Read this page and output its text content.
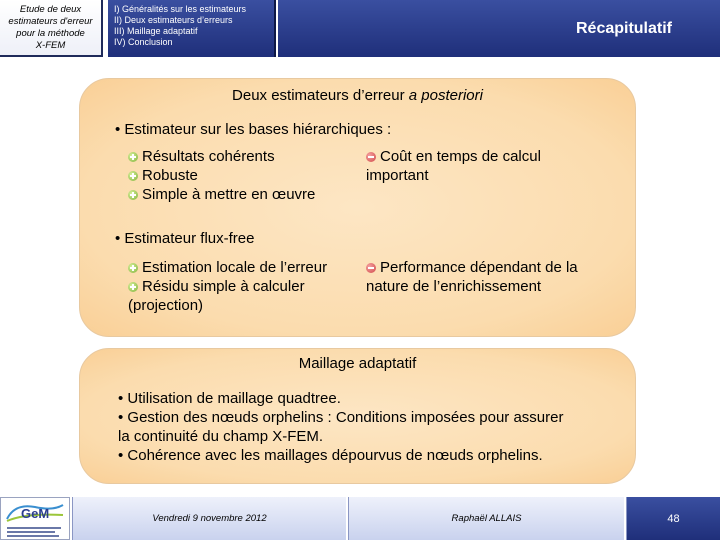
Etude de deux
estimateurs d'erreur
pour la méthode
X-FEM
I) Généralités sur les estimateurs
II) Deux estimateurs d’erreurs
III) Maillage adaptatif
IV) Conclusion
Récapitulatif
Deux estimateurs d’erreur a posteriori
• Estimateur sur les bases hiérarchiques :
Résultats cohérents
Robuste
Simple à mettre en œuvre
Coût en temps de calcul
important
• Estimateur flux-free
Estimation locale de l’erreur
Résidu simple à calculer
(projection)
Performance dépendant de la
nature de l’enrichissement
Maillage adaptatif
• Utilisation de maillage quadtree.
• Gestion des nœuds orphelins : Conditions imposées pour assurer
la continuité du champ X-FEM.
• Cohérence avec les maillages dépourvus de nœuds orphelins.
GeM	Vendredi 9 novembre 2012	Raphaël ALLAIS	48
